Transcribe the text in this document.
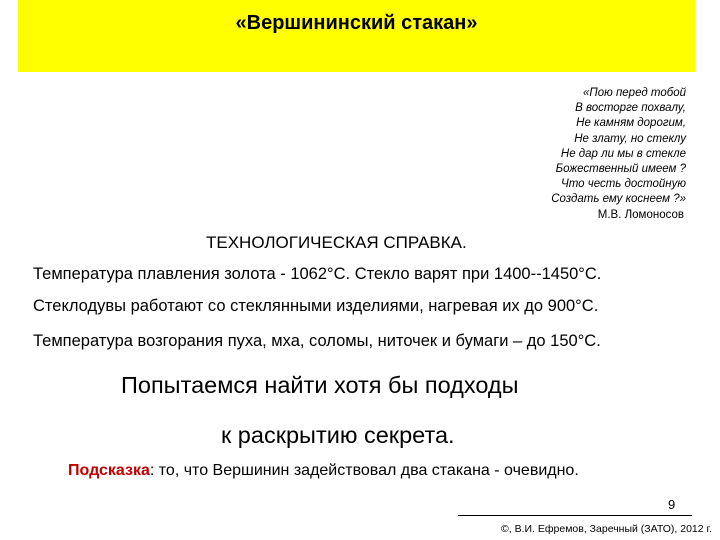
«Вершининский стакан»
«Пою перед тобой
В восторге похвалу,
Не камням дорогим,
Не злату, но стеклу
Не дар ли мы в стекле
Божественный имеем ?
Что честь достойную
Создать ему коснеем ?»
М.В. Ломоносов
ТЕХНОЛОГИЧЕСКАЯ СПРАВКА.
Температура плавления золота - 1062°С. Стекло варят при 1400--1450°С.
Стеклодувы работают со стеклянными изделиями, нагревая их до 900°С.
Температура возгорания пуха, мха, соломы, ниточек и бумаги – до 150°С.
Попытаемся найти хотя бы подходы
к раскрытию секрета.
Подсказка: то, что Вершинин задействовал два стакана - очевидно.
9
©, В.И. Ефремов, Заречный (ЗАТО), 2012 г.
